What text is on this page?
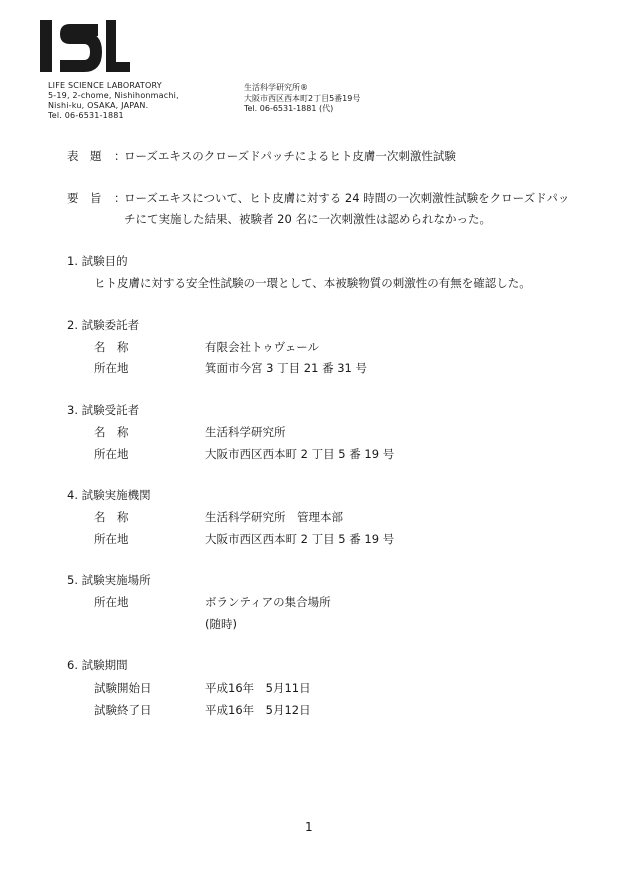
LIFE SCIENCE LABORATORY
5-19, 2-chome, Nishihonmachi,
Nishi-ku, OSAKA, JAPAN.
Tel. 06-6531-1881
生活科学研究所®
大阪市西区西本町2丁目5番19号
Tel. 06-6531-1881 (代)
表　題 ：
ローズエキスのクローズドパッチによるヒト皮膚一次刺激性試験
要　旨 ：
ローズエキスについて、ヒト皮膚に対する 24 時間の一次刺激性試験をクローズドパッ
チにて実施した結果、被験者 20 名に一次刺激性は認められなかった。
1. 試験目的
ヒト皮膚に対する安全性試験の一環として、本被験物質の刺激性の有無を確認した。
2. 試験委託者
名　称	有限会社トゥヴェール
所在地	箕面市今宮 3 丁目 21 番 31 号
3. 試験受託者
名　称	生活科学研究所
所在地	大阪市西区西本町 2 丁目 5 番 19 号
4. 試験実施機関
名　称	生活科学研究所　管理本部
所在地	大阪市西区西本町 2 丁目 5 番 19 号
5. 試験実施場所
所在地	ボランティアの集合場所
(随時)
6. 試験期間
試験開始日	平成16年　5月11日
試験終了日	平成16年　5月12日
1
